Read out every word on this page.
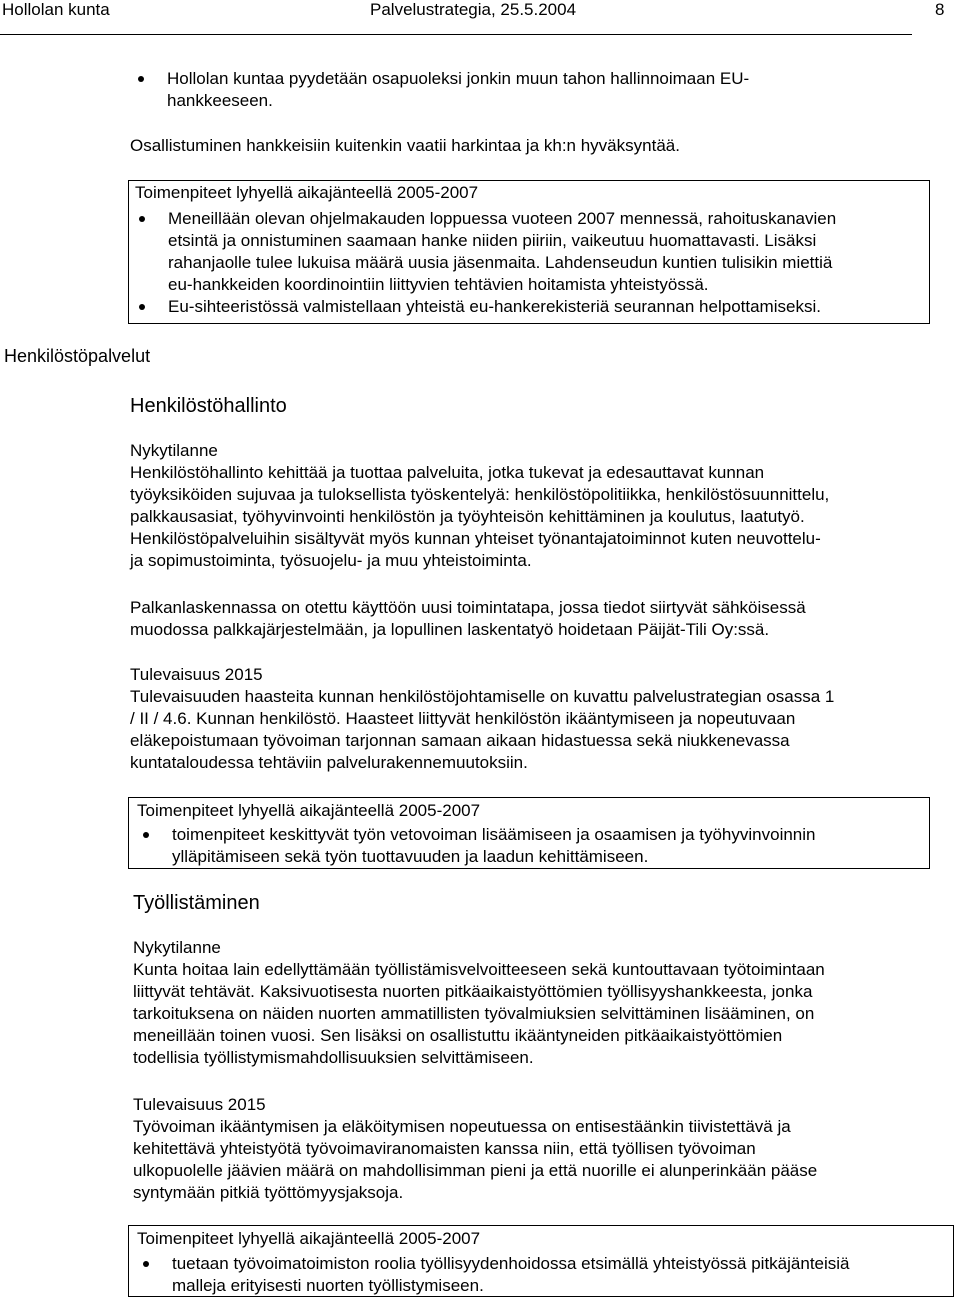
Hollolan kunta	Palvelustrategia, 25.5.2004	8
Hollolan kuntaa pyydetään osapuoleksi jonkin muun tahon hallinnoimaan EU-
hankkeeseen.
Osallistuminen hankkeisiin kuitenkin vaatii harkintaa ja kh:n hyväksyntää.
Toimenpiteet lyhyellä aikajänteellä 2005-2007
Meneillään olevan ohjelmakauden loppuessa vuoteen 2007 mennessä, rahoituskanavien
etsintä ja onnistuminen saamaan hanke niiden piiriin, vaikeutuu huomattavasti. Lisäksi
rahanjaolle tulee lukuisa määrä uusia jäsenmaita. Lahdenseudun kuntien tulisikin miettiä
eu-hankkeiden koordinointiin liittyvien tehtävien hoitamista yhteistyössä.
Eu-sihteeristössä valmistellaan yhteistä eu-hankerekisteriä seurannan helpottamiseksi.
Henkilöstöpalvelut
Henkilöstöhallinto
Nykytilanne
Henkilöstöhallinto kehittää ja tuottaa palveluita, jotka tukevat ja edesauttavat kunnan
työyksiköiden sujuvaa ja tuloksellista työskentelyä: henkilöstöpolitiikka, henkilöstösuunnittelu,
palkkausasiat, työhyvinvointi henkilöstön ja työyhteisön kehittäminen ja koulutus, laatutyö.
Henkilöstöpalveluihin sisältyvät myös kunnan yhteiset työnantajatoiminnot kuten neuvottelu-
ja sopimustoiminta, työsuojelu- ja muu yhteistoiminta.
Palkanlaskennassa on otettu käyttöön uusi toimintatapa, jossa tiedot siirtyvät sähköisessä
muodossa palkkajärjestelmään, ja lopullinen laskentatyö hoidetaan Päijät-Tili Oy:ssä.
Tulevaisuus 2015
Tulevaisuuden haasteita kunnan henkilöstöjohtamiselle on kuvattu palvelustrategian osassa 1
/ II / 4.6. Kunnan henkilöstö. Haasteet liittyvät henkilöstön ikääntymiseen ja nopeutuvaan
eläkepoistumaan työvoiman tarjonnan samaan aikaan hidastuessa sekä niukkenevassa
kuntataloudessa tehtäviin palvelurakennemuutoksiin.
Toimenpiteet lyhyellä aikajänteellä 2005-2007
toimenpiteet keskittyvät työn vetovoiman lisäämiseen ja osaamisen ja työhyvinvoinnin
ylläpitämiseen sekä työn tuottavuuden ja laadun kehittämiseen.
Työllistäminen
Nykytilanne
Kunta hoitaa lain edellyttämään työllistämisvelvoitteeseen sekä kuntouttavaan työtoimintaan
liittyvät tehtävät. Kaksivuotisesta nuorten pitkäaikaistyöttömien työllisyyshankkeesta, jonka
tarkoituksena on näiden nuorten ammatillisten työvalmiuksien selvittäminen lisääminen, on
meneillään toinen vuosi. Sen lisäksi on osallistuttu ikääntyneiden pitkäaikaistyöttömien
todellisia työllistymismahdollisuuksien selvittämiseen.
Tulevaisuus 2015
Työvoiman ikääntymisen ja eläköitymisen nopeutuessa on entisestäänkin tiivistettävä ja
kehitettävä yhteistyötä työvoimaviranomaisten kanssa niin, että työllisen työvoiman
ulkopuolelle jäävien määrä on mahdollisimman pieni ja että nuorille ei alunperinkään pääse
syntymään pitkiä työttömyysjaksoja.
Toimenpiteet lyhyellä aikajänteellä 2005-2007
tuetaan työvoimatoimiston roolia työllisyydenhoidossa etsimällä yhteistyössä pitkäjänteisiä
malleja erityisesti nuorten työllistymiseen.
